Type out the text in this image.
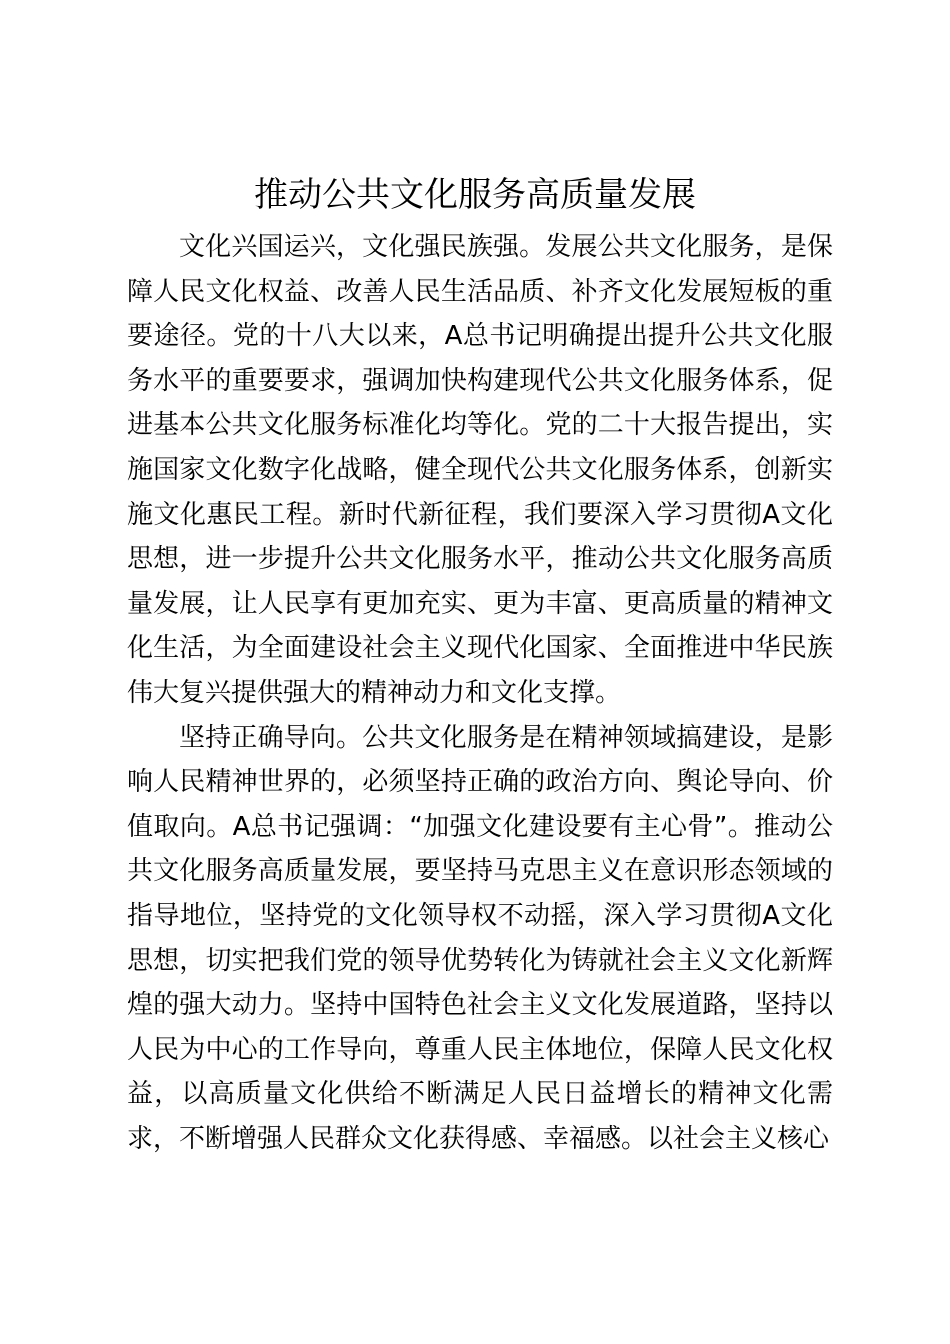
推动公共文化服务高质量发展

文化兴国运兴，文化强民族强。发展公共文化服务，是保障人民文化权益、改善人民生活品质、补齐文化发展短板的重要途径。党的十八大以来，A总书记明确提出提升公共文化服务水平的重要要求，强调加快构建现代公共文化服务体系，促进基本公共文化服务标准化均等化。党的二十大报告提出，实施国家文化数字化战略，健全现代公共文化服务体系，创新实施文化惠民工程。新时代新征程，我们要深入学习贯彻A文化思想，进一步提升公共文化服务水平，推动公共文化服务高质量发展，让人民享有更加充实、更为丰富、更高质量的精神文化生活，为全面建设社会主义现代化国家、全面推进中华民族伟大复兴提供强大的精神动力和文化支撑。

坚持正确导向。公共文化服务是在精神领域搞建设，是影响人民精神世界的，必须坚持正确的政治方向、舆论导向、价值取向。A总书记强调：“加强文化建设要有主心骨”。推动公共文化服务高质量发展，要坚持马克思主义在意识形态领域的指导地位，坚持党的文化领导权不动摇，深入学习贯彻A文化思想，切实把我们党的领导优势转化为铸就社会主义文化新辉煌的强大动力。坚持中国特色社会主义文化发展道路，坚持以人民为中心的工作导向，尊重人民主体地位，保障人民文化权益，以高质量文化供给不断满足人民日益增长的精神文化需求，不断增强人民群众文化获得感、幸福感。以社会主义核心
